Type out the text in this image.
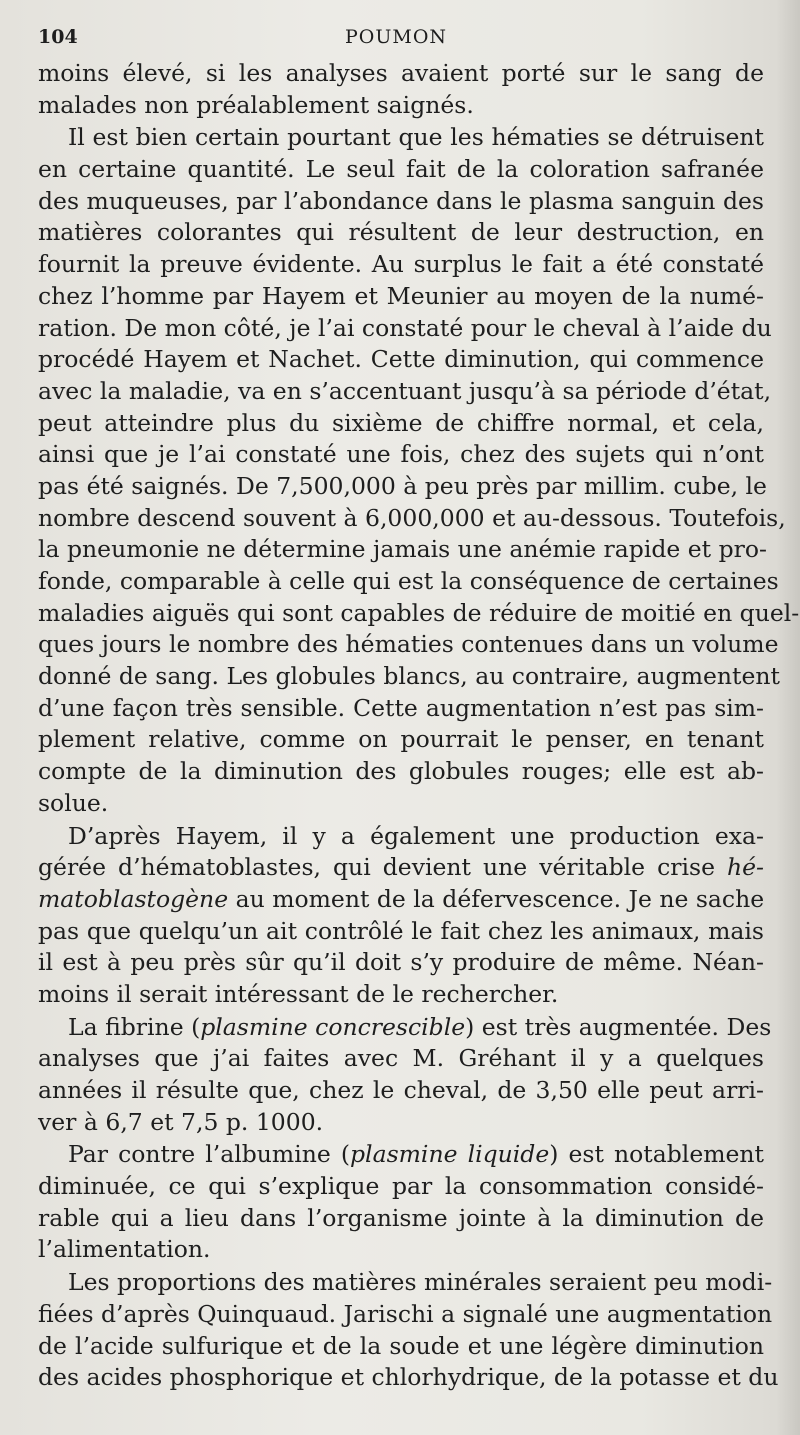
104	POUMON
moins élevé, si les analyses avaient porté sur le sang de
malades non préalablement saignés.
Il est bien certain pourtant que les hématies se détruisent
en certaine quantité. Le seul fait de la coloration safranée
des muqueuses, par l’abondance dans le plasma sanguin des
matières colorantes qui résultent de leur destruction, en
fournit la preuve évidente. Au surplus le fait a été constaté
chez l’homme par Hayem et Meunier au moyen de la numé-
ration. De mon côté, je l’ai constaté pour le cheval à l’aide du
procédé Hayem et Nachet. Cette diminution, qui commence
avec la maladie, va en s’accentuant jusqu’à sa période d’état,
peut atteindre plus du sixième de chiffre normal, et cela,
ainsi que je l’ai constaté une fois, chez des sujets qui n’ont
pas été saignés. De 7,500,000 à peu près par millim. cube, le
nombre descend souvent à 6,000,000 et au-dessous. Toutefois,
la pneumonie ne détermine jamais une anémie rapide et pro-
fonde, comparable à celle qui est la conséquence de certaines
maladies aiguës qui sont capables de réduire de moitié en quel-
ques jours le nombre des hématies contenues dans un volume
donné de sang. Les globules blancs, au contraire, augmentent
d’une façon très sensible. Cette augmentation n’est pas sim-
plement relative, comme on pourrait le penser, en tenant
compte de la diminution des globules rouges; elle est ab-
solue.
D’après Hayem, il y a également une production exa-
gérée d’hématoblastes, qui devient une véritable crise hé-
matoblastogène au moment de la défervescence. Je ne sache
pas que quelqu’un ait contrôlé le fait chez les animaux, mais
il est à peu près sûr qu’il doit s’y produire de même. Néan-
moins il serait intéressant de le rechercher.
La fibrine (plasmine concrescible) est très augmentée. Des
analyses que j’ai faites avec M. Gréhant il y a quelques
années il résulte que, chez le cheval, de 3,50 elle peut arri-
ver à 6,7 et 7,5 p. 1000.
Par contre l’albumine (plasmine liquide) est notablement
diminuée, ce qui s’explique par la consommation considé-
rable qui a lieu dans l’organisme jointe à la diminution de
l’alimentation.
Les proportions des matières minérales seraient peu modi-
fiées d’après Quinquaud. Jarischi a signalé une augmentation
de l’acide sulfurique et de la soude et une légère diminution
des acides phosphorique et chlorhydrique, de la potasse et du
